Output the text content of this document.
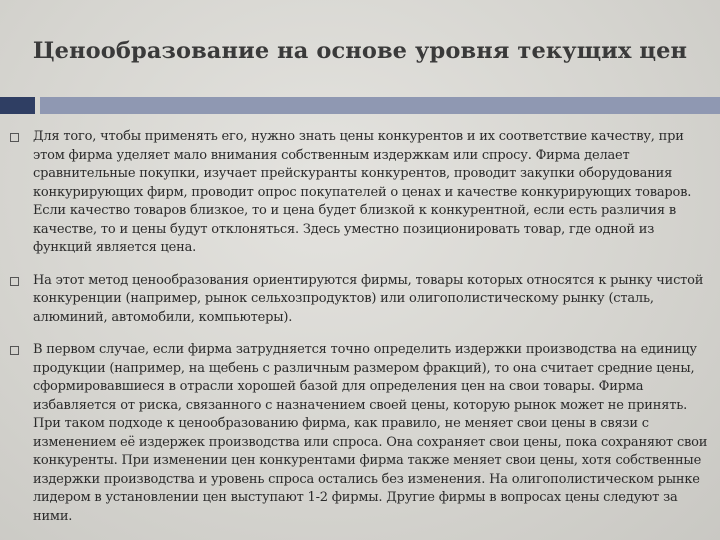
Ценообразование на основе уровня текущих цен
Для того, чтобы применять его, нужно знать цены конкурентов и их соответствие качеству, при этом фирма уделяет мало внимания собственным издержкам или спросу. Фирма делает сравнительные покупки, изучает прейскуранты конкурентов, проводит закупки оборудования конкурирующих фирм, проводит опрос покупателей о ценах и качестве конкурирующих товаров. Если качество товаров близкое, то и цена будет близкой к конкурентной, если есть различия в качестве, то и цены будут отклоняться. Здесь уместно позиционировать товар, где одной из функций является цена.
На этот метод ценообразования ориентируются фирмы, товары которых относятся к рынку чистой конкуренции (например, рынок сельхозпродуктов) или олигополистическому рынку (сталь, алюминий, автомобили, компьютеры).
В первом случае, если фирма затрудняется точно определить издержки производства на единицу продукции (например, на щебень с различным размером фракций), то она считает средние цены, сформировавшиеся в отрасли хорошей базой для определения цен на свои товары. Фирма избавляется от риска, связанного с назначением своей цены, которую рынок может не принять. При таком подходе к ценообразованию фирма, как правило, не меняет свои цены в связи с изменением её издержек производства или спроса. Она сохраняет свои цены, пока сохраняют свои конкуренты. При изменении цен конкурентами фирма также меняет свои цены, хотя собственные издержки производства и уровень спроса остались без изменения. На олигополистическом рынке лидером в установлении цен выступают 1-2 фирмы. Другие фирмы в вопросах цены следуют за ними.
